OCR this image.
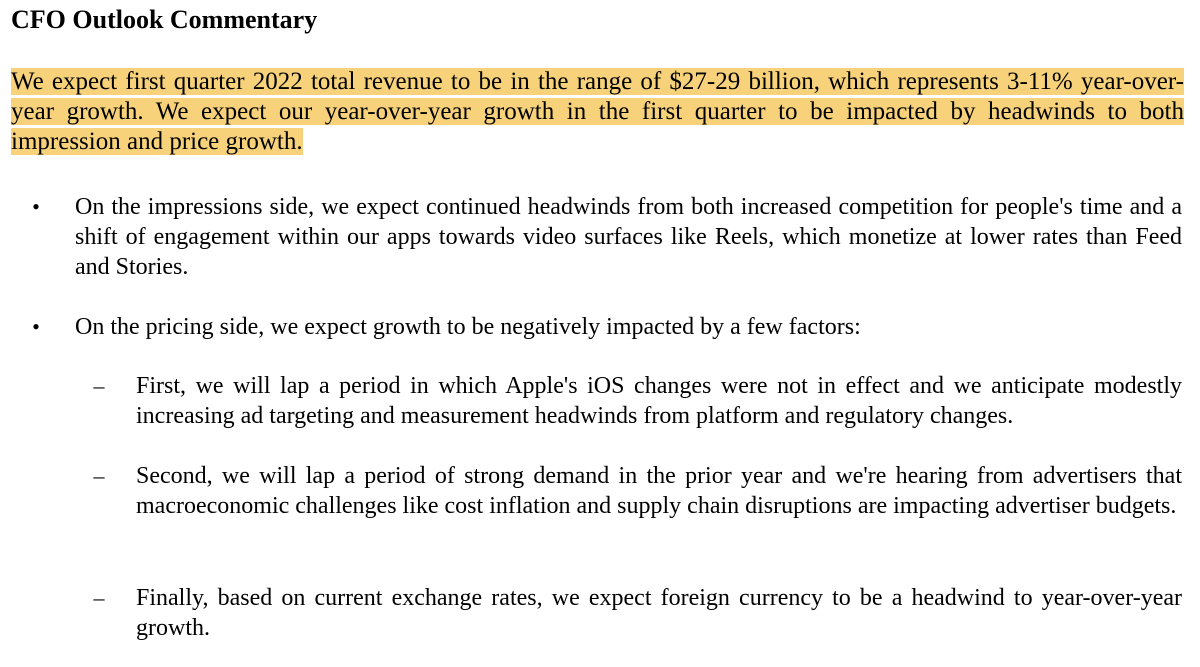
CFO Outlook Commentary
We expect first quarter 2022 total revenue to be in the range of $27-29 billion, which represents 3-11% year-over-year growth. We expect our year-over-year growth in the first quarter to be impacted by headwinds to both impression and price growth.
• On the impressions side, we expect continued headwinds from both increased competition for people's time and a shift of engagement within our apps towards video surfaces like Reels, which monetize at lower rates than Feed and Stories.
• On the pricing side, we expect growth to be negatively impacted by a few factors:
– First, we will lap a period in which Apple's iOS changes were not in effect and we anticipate modestly increasing ad targeting and measurement headwinds from platform and regulatory changes.
– Second, we will lap a period of strong demand in the prior year and we're hearing from advertisers that macroeconomic challenges like cost inflation and supply chain disruptions are impacting advertiser budgets.
– Finally, based on current exchange rates, we expect foreign currency to be a headwind to year-over-year growth.
